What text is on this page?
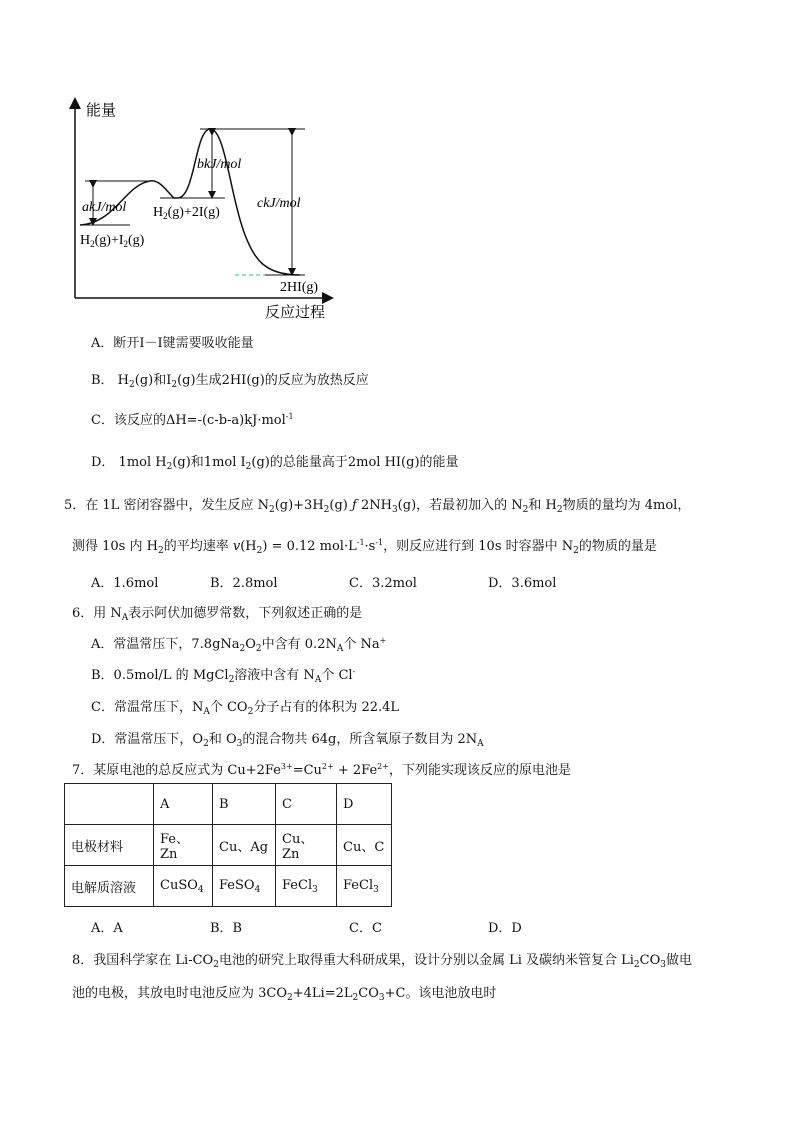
能量
反应过程
akJ/mol
bkJ/mol
ckJ/mol
$H_2(g)+I_2(g)$
$H_2(g)+2I(g)$
2HI(g)
A．断开I－I键需要吸收能量
B． $H_2(g)$和$I_2(g)$生成2HI(g)的反应为放热反应
C．该反应的ΔH=-(c-b-a)kJ·mol$^{-1}$
D． 1mol $H_2(g)$和1mol $I_2(g)$的总能量高于2mol HI(g)的能量
5．在 1L 密闭容器中，发生反应 $N_2(g)+3H_2(g)$ ƒ $2NH_3(g)$，若最初加入的 $N_2$和 $H_2$物质的量均为 4mol，
测得 10s 内 $H_2$的平均速率 $v(H_2) = 0.12$ $mol\cdot L^{-1}\cdot s^{-1}$，则反应进行到 10s 时容器中 $N_2$的物质的量是
A．1.6mol	B．2.8mol	C．3.2mol	D．3.6mol
6．用 $N_A$表示阿伏加德罗常数，下列叙述正确的是
A．常温常压下，$7.8gNa_2O_2$中含有 $0.2N_A$个 Na+
B．0.5mol/L 的 MgCl$_2$溶液中含有 $N_A$个 Cl-
C．常温常压下，$N_A$个 $CO_2$分子占有的体积为 22.4L
D．常温常压下，$O_2$和 $O_3$的混合物共 64g，所含氧原子数目为 $2N_A$
7．某原电池的总反应式为 $Cu+2Fe^{3+}=Cu^{2+} + 2Fe^{2+}$，下列能实现该反应的原电池是
	A	B	C	D
电极材料	Fe、Zn	Cu、Ag	Cu、Zn	Cu、C
电解质溶液	CuSO$_4$	FeSO$_4$	FeCl$_3$	FeCl$_3$
A．A	B．B	C．C	D．D
8．我国科学家在 $Li-CO_2$电池的研究上取得重大科研成果，设计分别以金属 Li 及碳纳米管复合 $Li_2CO_3$做电
池的电极，其放电时电池反应为 $3CO_2+4Li=2L_2CO_3+C$。该电池放电时
